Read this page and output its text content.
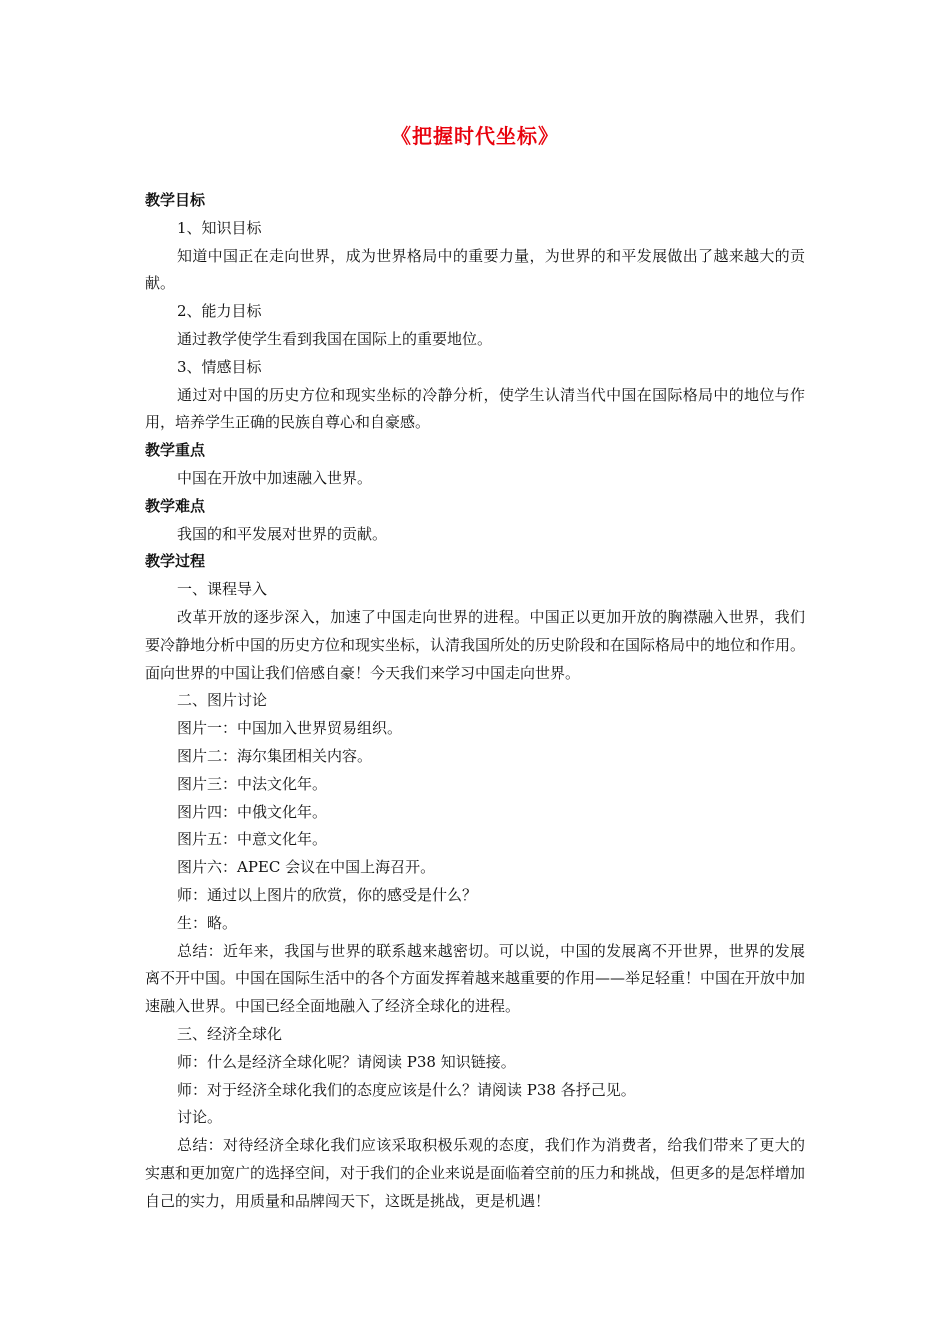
《把握时代坐标》

教学目标

1、知识目标

知道中国正在走向世界，成为世界格局中的重要力量，为世界的和平发展做出了越来越大的贡献。

2、能力目标

通过教学使学生看到我国在国际上的重要地位。

3、情感目标

通过对中国的历史方位和现实坐标的冷静分析，使学生认清当代中国在国际格局中的地位与作用，培养学生正确的民族自尊心和自豪感。

教学重点

中国在开放中加速融入世界。

教学难点

我国的和平发展对世界的贡献。

教学过程

一、课程导入

改革开放的逐步深入，加速了中国走向世界的进程。中国正以更加开放的胸襟融入世界，我们要冷静地分析中国的历史方位和现实坐标，认清我国所处的历史阶段和在国际格局中的地位和作用。面向世界的中国让我们倍感自豪！今天我们来学习中国走向世界。

二、图片讨论

图片一：中国加入世界贸易组织。

图片二：海尔集团相关内容。

图片三：中法文化年。

图片四：中俄文化年。

图片五：中意文化年。

图片六：APEC 会议在中国上海召开。

师：通过以上图片的欣赏，你的感受是什么？

生：略。

总结：近年来，我国与世界的联系越来越密切。可以说，中国的发展离不开世界，世界的发展离不开中国。中国在国际生活中的各个方面发挥着越来越重要的作用——举足轻重！中国在开放中加速融入世界。中国已经全面地融入了经济全球化的进程。

三、经济全球化

师：什么是经济全球化呢？请阅读 P38 知识链接。

师：对于经济全球化我们的态度应该是什么？请阅读 P38 各抒己见。

讨论。

总结：对待经济全球化我们应该采取积极乐观的态度，我们作为消费者，给我们带来了更大的实惠和更加宽广的选择空间，对于我们的企业来说是面临着空前的压力和挑战，但更多的是怎样增加自己的实力，用质量和品牌闯天下，这既是挑战，更是机遇！
